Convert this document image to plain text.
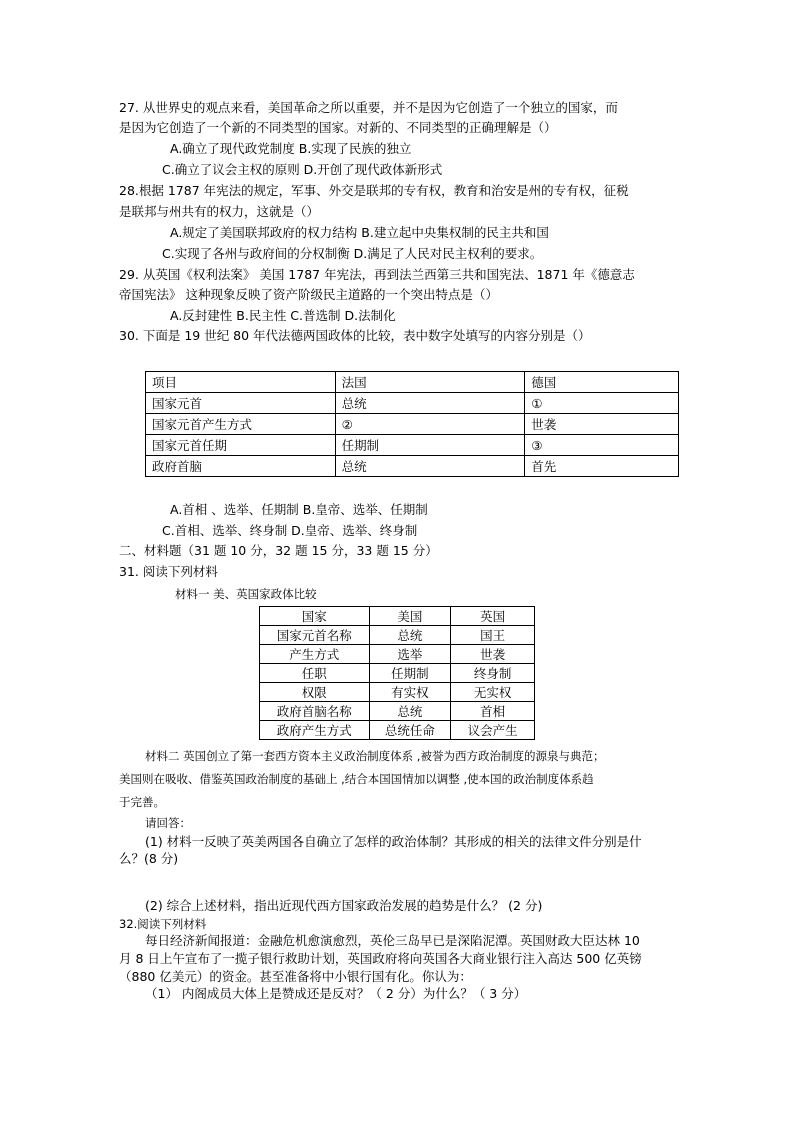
27. 从世界史的观点来看，美国革命之所以重要，并不是因为它创造了一个独立的国家，而
是因为它创造了一个新的不同类型的国家。对新的、不同类型的正确理解是（）
A.确立了现代政党制度 B.实现了民族的独立
C.确立了议会主权的原则 D.开创了现代政体新形式
28.根据 1787 年宪法的规定，军事、外交是联邦的专有权，教育和治安是州的专有权，征税
是联邦与州共有的权力，这就是（）
A.规定了美国联邦政府的权力结构 B.建立起中央集权制的民主共和国
C.实现了各州与政府间的分权制衡 D.满足了人民对民主权利的要求。
29. 从英国《权利法案》 美国 1787 年宪法，再到法兰西第三共和国宪法、1871 年《德意志
帝国宪法》 这种现象反映了资产阶级民主道路的一个突出特点是（）
A.反封建性 B.民主性 C.普选制 D.法制化
30. 下面是 19 世纪 80 年代法德两国政体的比较，表中数字处填写的内容分别是（）
项目	法国	德国
国家元首	总统	①
国家元首产生方式	②	世袭
国家元首任期	任期制	③
政府首脑	总统	首先
A.首相 、选举、任期制 B.皇帝、选举、任期制
C.首相、选举、终身制 D.皇帝、选举、终身制
二、材料题（31 题 10 分，32 题 15 分，33 题 15 分）
31. 阅读下列材料
材料一 美、英国家政体比较
国家	美国	英国
国家元首名称	总统	国王
产生方式	选举	世袭
任职	任期制	终身制
权限	有实权	无实权
政府首脑名称	总统	首相
政府产生方式	总统任命	议会产生
材料二 英国创立了第一套西方资本主义政治制度体系 ,被誉为西方政治制度的源泉与典范；
美国则在吸收、借鉴英国政治制度的基础上 ,结合本国国情加以调整 ,使本国的政治制度体系趋
于完善。
请回答：
(1) 材料一反映了英美两国各自确立了怎样的政治体制？其形成的相关的法律文件分别是什
么？(8 分)
(2) 综合上述材料，指出近现代西方国家政治发展的趋势是什么？ (2 分)
32.阅读下列材料
每日经济新闻报道：金融危机愈演愈烈，英伦三岛早已是深陷泥潭。英国财政大臣达林 10
月 8 日上午宣布了一揽子银行救助计划，英国政府将向英国各大商业银行注入高达 500 亿英镑
（880 亿美元）的资金。甚至准备将中小银行国有化。你认为：
（1） 内阁成员大体上是赞成还是反对？（ 2 分）为什么？（ 3 分）
